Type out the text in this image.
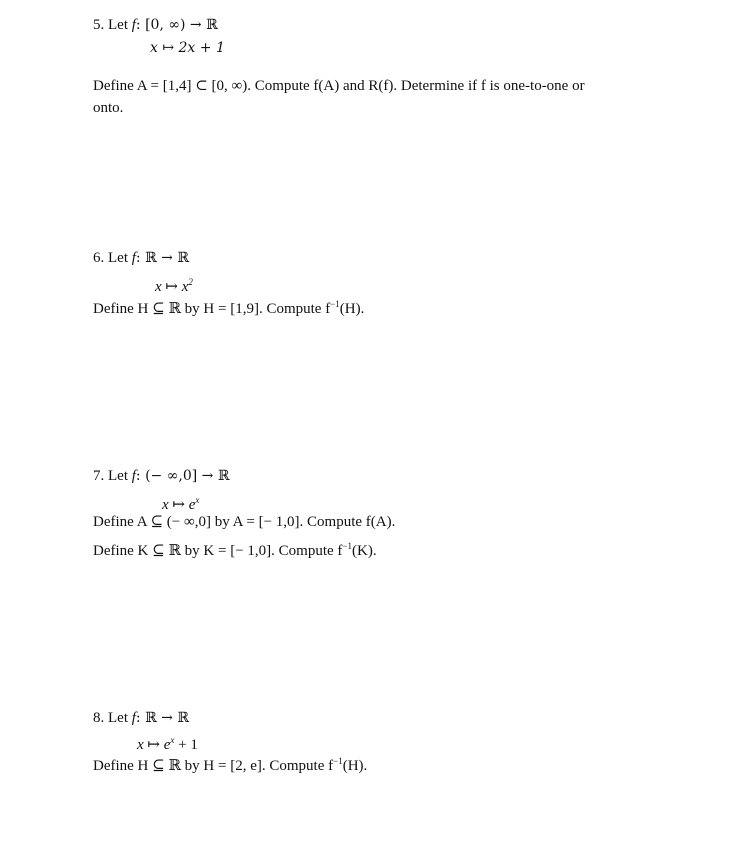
5. Let f: [0, ∞) → ℝ
x ↦ 2x + 1
Define A = [1,4] ⊂ [0, ∞). Compute f(A) and R(f). Determine if f is one-to-one or
onto.
6. Let f: ℝ → ℝ
x ↦ $x^2$
Define H ⊆ ℝ by H = [1,9]. Compute $f^{-1}(H)$.
7. Let f: (− ∞,0] → ℝ
x ↦ $e^x$
Define A ⊆ (− ∞,0] by A = [− 1,0]. Compute f(A).
Define K ⊆ ℝ by K = [− 1,0]. Compute $f^{-1}(K)$.
8. Let f: ℝ → ℝ
x ↦ $e^x + 1$
Define H ⊆ ℝ by H = [2, e]. Compute $f^{-1}(H)$.
